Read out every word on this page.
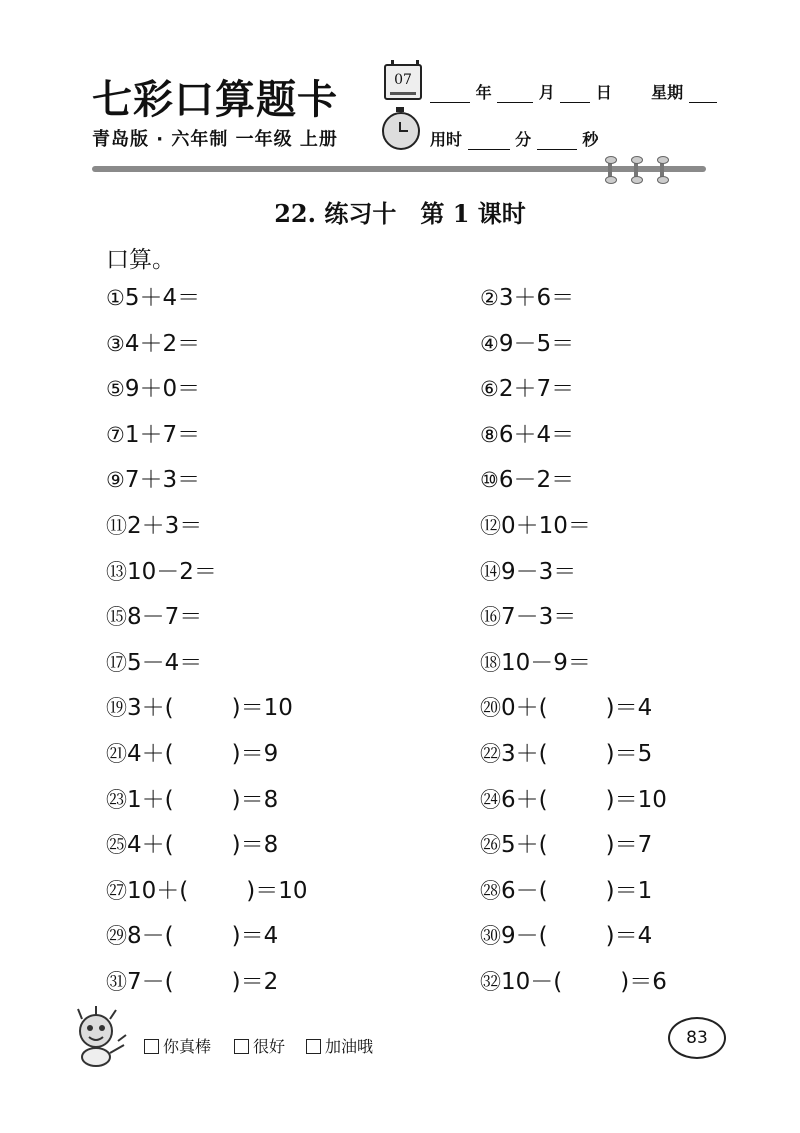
七彩口算题卡	07
年	月	日 星期
青岛版 · 六年制 一年级 上册	用时	分	秒
22. 练习十　第 1 课时
口算。
①5＋4＝	②3＋6＝
③4＋2＝	④9－5＝
⑤9＋0＝	⑥2＋7＝
⑦1＋7＝	⑧6＋4＝
⑨7＋3＝	⑩6－2＝
⑪2＋3＝	⑫0＋10＝
⑬10－2＝	⑭9－3＝
⑮8－7＝	⑯7－3＝
⑰5－4＝	⑱10－9＝
⑲3＋(	)＝10	⑳0＋(	)＝4
㉑4＋(	)＝9	㉒3＋(	)＝5
㉓1＋(	)＝8	㉔6＋(	)＝10
㉕4＋(	)＝8	㉖5＋(	)＝7
㉗10＋(	)＝10	㉘6－(	)＝1
㉙8－(	)＝4	㉚9－(	)＝4
㉛7－(	)＝2	㉜10－(	)＝6
你真棒	很好	加油哦	83
